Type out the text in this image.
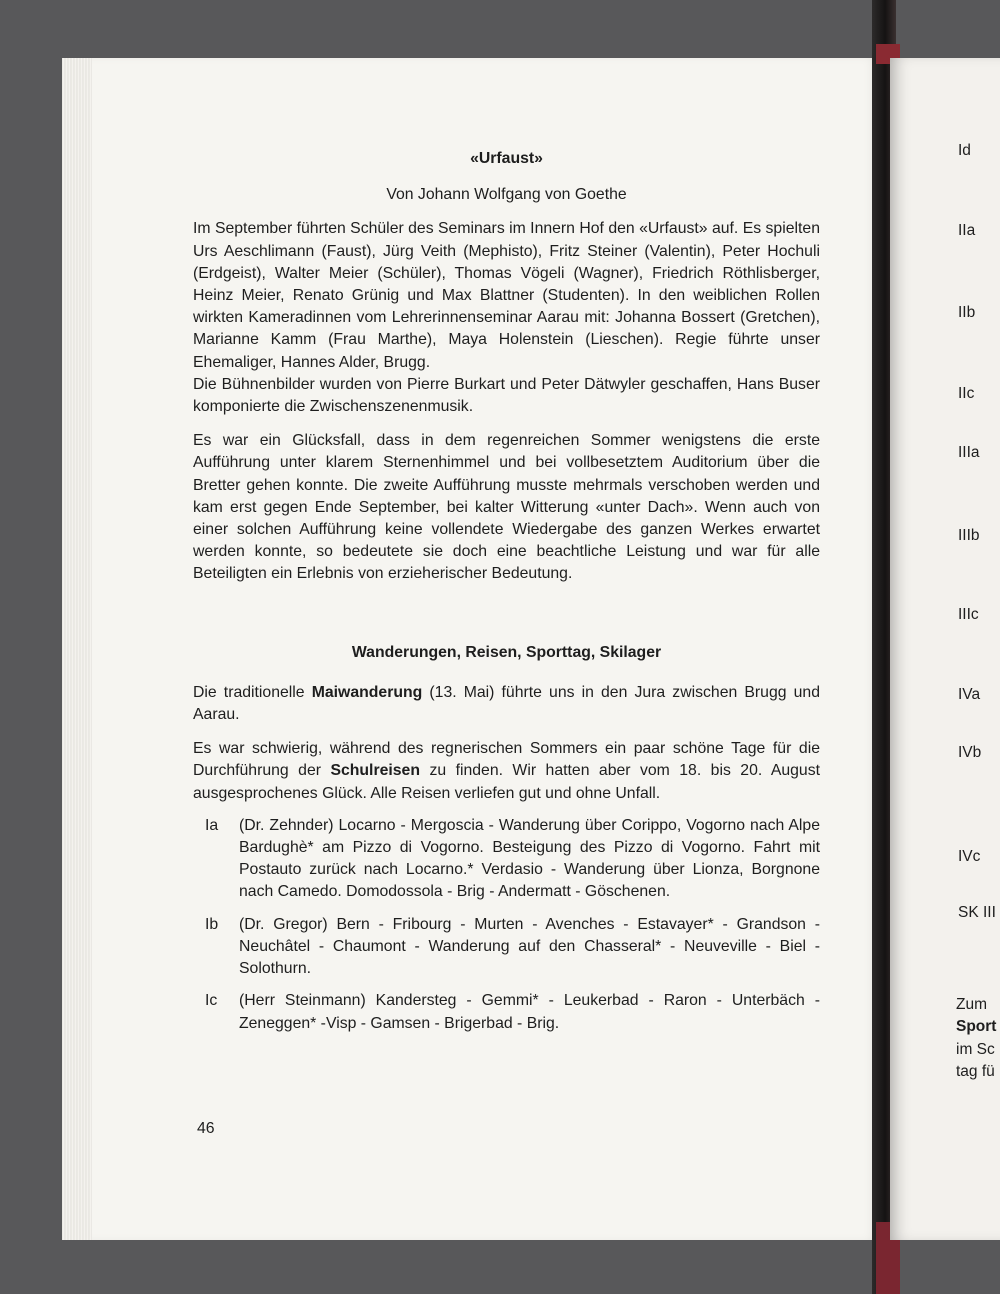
«Urfaust»

Von Johann Wolfgang von Goethe

Im September führten Schüler des Seminars im Innern Hof den «Urfaust» auf. Es spielten Urs Aeschlimann (Faust), Jürg Veith (Mephisto), Fritz Steiner (Valentin), Peter Hochuli (Erdgeist), Walter Meier (Schüler), Thomas Vögeli (Wagner), Friedrich Röthlisberger, Heinz Meier, Renato Grünig und Max Blattner (Studenten). In den weiblichen Rollen wirkten Kameradinnen vom Lehrerinnenseminar Aarau mit: Johanna Bossert (Gretchen), Marianne Kamm (Frau Marthe), Maya Holenstein (Lieschen). Regie führte unser Ehemaliger, Hannes Alder, Brugg.

Die Bühnenbilder wurden von Pierre Burkart und Peter Dätwyler geschaffen, Hans Buser komponierte die Zwischenszenenmusik.

Es war ein Glücksfall, dass in dem regenreichen Sommer wenigstens die erste Aufführung unter klarem Sternenhimmel und bei vollbesetztem Auditorium über die Bretter gehen konnte. Die zweite Aufführung musste mehrmals verschoben werden und kam erst gegen Ende September, bei kalter Witterung «unter Dach». Wenn auch von einer solchen Aufführung keine vollendete Wiedergabe des ganzen Werkes erwartet werden konnte, so bedeutete sie doch eine beachtliche Leistung und war für alle Beteiligten ein Erlebnis von erzieherischer Bedeutung.

Wanderungen, Reisen, Sporttag, Skilager

Die traditionelle Maiwanderung (13. Mai) führte uns in den Jura zwischen Brugg und Aarau.

Es war schwierig, während des regnerischen Sommers ein paar schöne Tage für die Durchführung der Schulreisen zu finden. Wir hatten aber vom 18. bis 20. August ausgesprochenes Glück. Alle Reisen verliefen gut und ohne Unfall.

Ia	(Dr. Zehnder) Locarno - Mergoscia - Wanderung über Corippo, Vogorno nach Alpe Bardughè* am Pizzo di Vogorno. Besteigung des Pizzo di Vogorno. Fahrt mit Postauto zurück nach Locarno.* Verdasio - Wanderung über Lionza, Borgnone nach Camedo. Domodossola - Brig - Andermatt - Göschenen.
Ib	(Dr. Gregor) Bern - Fribourg - Murten - Avenches - Estavayer* - Grandson - Neuchâtel - Chaumont - Wanderung auf den Chasseral* - Neuveville - Biel - Solothurn.
Ic	(Herr Steinmann) Kandersteg - Gemmi* - Leukerbad - Raron - Unterbäch - Zeneggen* -Visp - Gamsen - Brigerbad - Brig.
46
Id
IIa
IIb
IIc
IIIa
IIIb
IIIc
IVa
IVb
IVc
SK III
Zum
Sport
im Sc
tag fü
